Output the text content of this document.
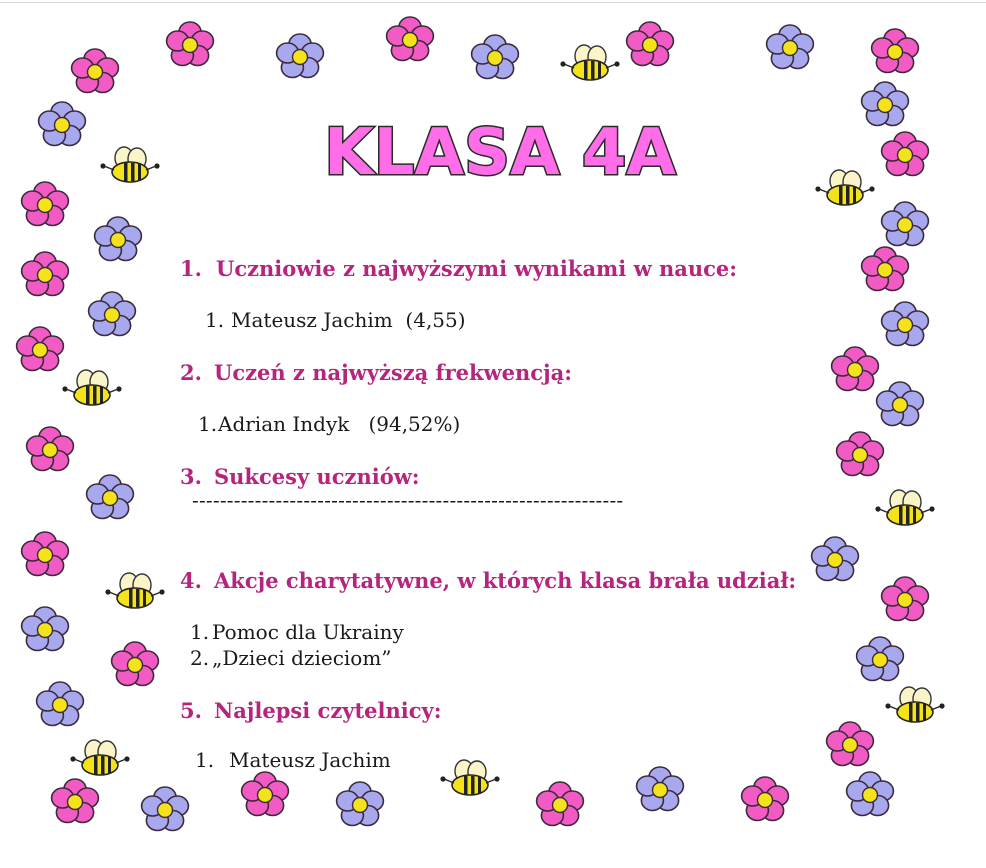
KLASA 4A
1. Uczniowie z najwyższymi wynikami w nauce:
1. Mateusz Jachim  (4,55)
2. Uczeń z najwyższą frekwencją:
1.Adrian Indyk   (94,52%)
3. Sukcesy uczniów:
--------------------------------------------------------------
4. Akcje charytatywne, w których klasa brała udział:
1. Pomoc dla Ukrainy
2. „Dzieci dzieciom”
5. Najlepsi czytelnicy:
1. Mateusz Jachim
